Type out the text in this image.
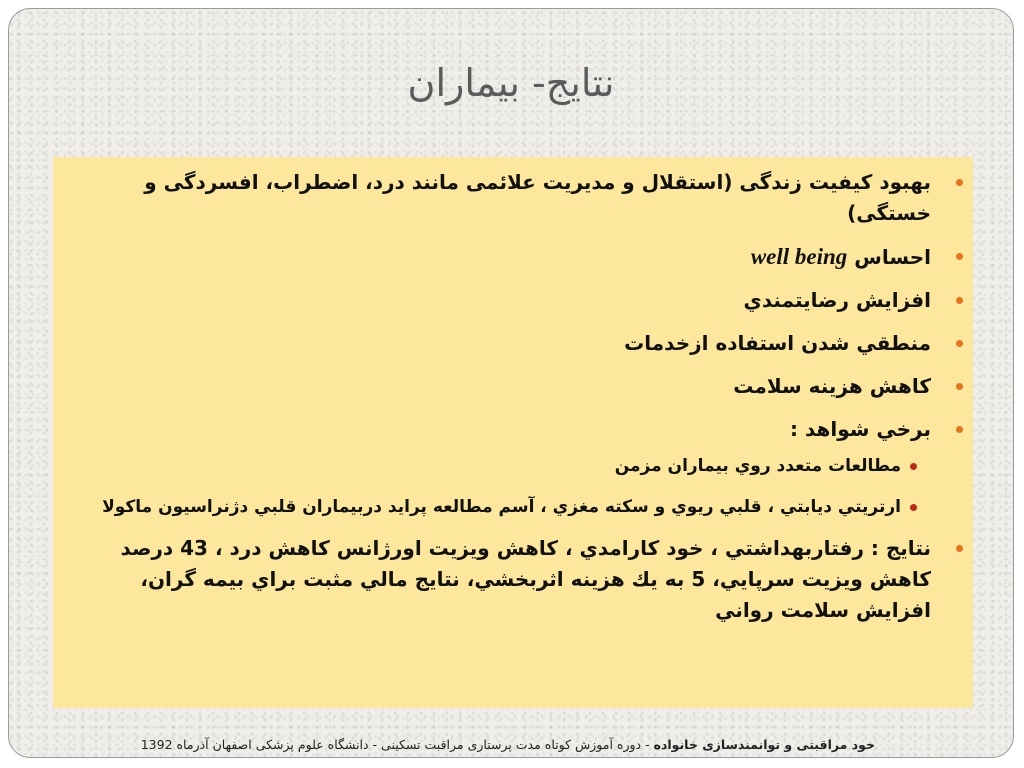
نتايج- بيماران
بهبود کیفیت زندگی (استقلال و مدیریت علائمی مانند درد، اضطراب، افسردگی و خستگی)
احساس well being
افزايش رضايتمندي
منطقي شدن استفاده ازخدمات
كاهش هزينه سلامت
برخي شواهد :
مطالعات متعدد روي بيماران مزمن
ارتريتي ديابتي ، قلبي ريوي و سكته مغزي ، آسم مطالعه پرايد دربيماران قلبي دژنراسيون ماكولا
نتايج : رفتاربهداشتي ، خود كارامدي ، كاهش ويزيت اورژانس كاهش درد ، 43 درصد كاهش ويزيت سرپايي، 5 به يك هزينه اثربخشي، نتايج مالي مثبت براي بيمه گران، افزايش سلامت رواني
خود مراقبتی و توانمندسازی خانواده - دوره آموزش کوتاه مدت پرستاری مراقبت تسکینی - دانشگاه علوم پزشکی اصفهان آذرماه 1392
